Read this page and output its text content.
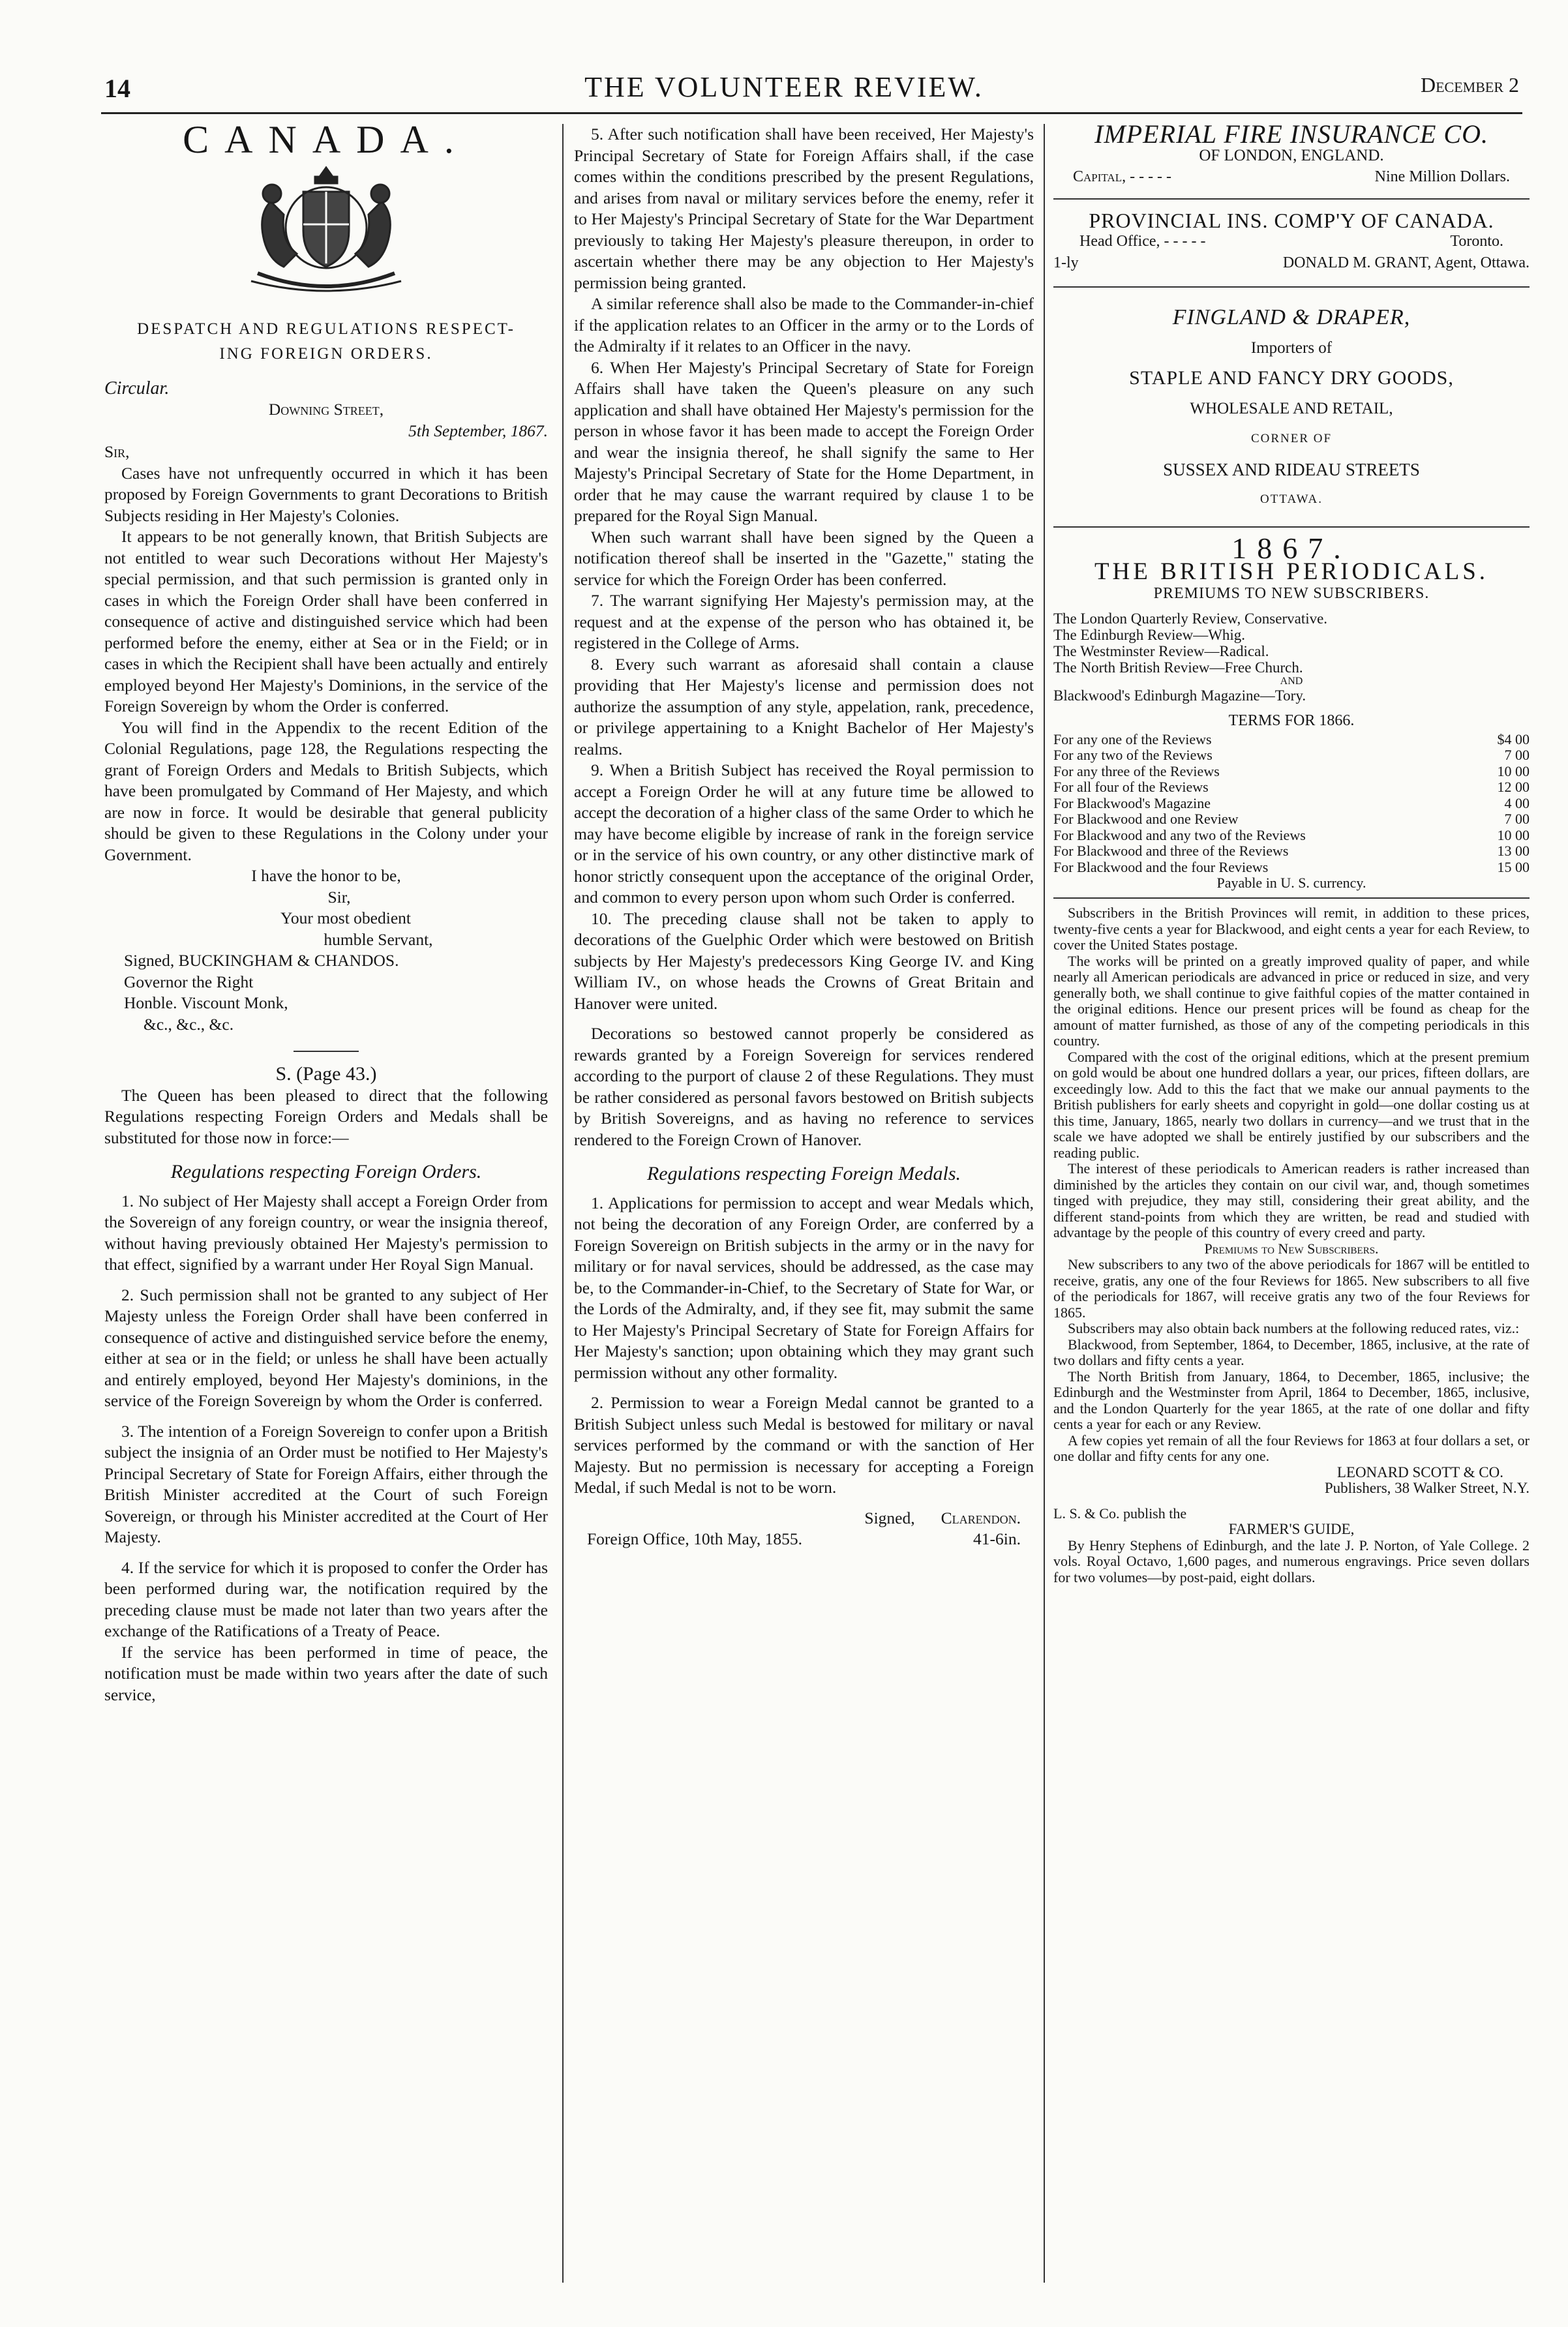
14	THE VOLUNTEER REVIEW.	December 2
CANADA.
DESPATCH AND REGULATIONS RESPECT-
ING FOREIGN ORDERS.
Circular.
Downing Street,
5th September, 1867.
Sir,

Cases have not unfrequently occurred in which it has been proposed by Foreign Governments to grant Decorations to British Subjects residing in Her Majesty's Colonies.

It appears to be not generally known, that British Subjects are not entitled to wear such Decorations without Her Majesty's special permission, and that such permission is granted only in cases in which the Foreign Order shall have been conferred in consequence of active and distinguished service which had been performed before the enemy, either at Sea or in the Field; or in cases in which the Recipient shall have been actually and entirely employed beyond Her Majesty's Dominions, in the service of the Foreign Sovereign by whom the Order is conferred.

You will find in the Appendix to the recent Edition of the Colonial Regulations, page 128, the Regulations respecting the grant of Foreign Orders and Medals to British Subjects, which have been promulgated by Command of Her Majesty, and which are now in force. It would be desirable that general publicity should be given to these Regulations in the Colony under your Government.

I have the honor to be,
Sir,
Your most obedient
humble Servant,
Signed, BUCKINGHAM & CHANDOS.
Governor the Right
Honble. Viscount Monk,
&c., &c., &c.
S. (Page 43.)

The Queen has been pleased to direct that the following Regulations respecting Foreign Orders and Medals shall be substituted for those now in force:—

Regulations respecting Foreign Orders.

1. No subject of Her Majesty shall accept a Foreign Order from the Sovereign of any foreign country, or wear the insignia thereof, without having previously obtained Her Majesty's permission to that effect, signified by a warrant under Her Royal Sign Manual.

2. Such permission shall not be granted to any subject of Her Majesty unless the Foreign Order shall have been conferred in consequence of active and distinguished service before the enemy, either at sea or in the field; or unless he shall have been actually and entirely employed, beyond Her Majesty's dominions, in the service of the Foreign Sovereign by whom the Order is conferred.

3. The intention of a Foreign Sovereign to confer upon a British subject the insignia of an Order must be notified to Her Majesty's Principal Secretary of State for Foreign Affairs, either through the British Minister accredited at the Court of such Foreign Sovereign, or through his Minister accredited at the Court of Her Majesty.

4. If the service for which it is proposed to confer the Order has been performed during war, the notification required by the preceding clause must be made not later than two years after the exchange of the Ratifications of a Treaty of Peace.

If the service has been performed in time of peace, the notification must be made within two years after the date of such service,

5. After such notification shall have been received, Her Majesty's Principal Secretary of State for Foreign Affairs shall, if the case comes within the conditions prescribed by the present Regulations, and arises from naval or military services before the enemy, refer it to Her Majesty's Principal Secretary of State for the War Department previously to taking Her Majesty's pleasure thereupon, in order to ascertain whether there may be any objection to Her Majesty's permission being granted.

A similar reference shall also be made to the Commander-in-chief if the application relates to an Officer in the army or to the Lords of the Admiralty if it relates to an Officer in the navy.

6. When Her Majesty's Principal Secretary of State for Foreign Affairs shall have taken the Queen's pleasure on any such application and shall have obtained Her Majesty's permission for the person in whose favor it has been made to accept the Foreign Order and wear the insignia thereof, he shall signify the same to Her Majesty's Principal Secretary of State for the Home Department, in order that he may cause the warrant required by clause 1 to be prepared for the Royal Sign Manual.

When such warrant shall have been signed by the Queen a notification thereof shall be inserted in the "Gazette," stating the service for which the Foreign Order has been conferred.

7. The warrant signifying Her Majesty's permission may, at the request and at the expense of the person who has obtained it, be registered in the College of Arms.

8. Every such warrant as aforesaid shall contain a clause providing that Her Majesty's license and permission does not authorize the assumption of any style, appelation, rank, precedence, or privilege appertaining to a Knight Bachelor of Her Majesty's realms.

9. When a British Subject has received the Royal permission to accept a Foreign Order he will at any future time be allowed to accept the decoration of a higher class of the same Order to which he may have become eligible by increase of rank in the foreign service or in the service of his own country, or any other distinctive mark of honor strictly consequent upon the acceptance of the original Order, and common to every person upon whom such Order is conferred.

10. The preceding clause shall not be taken to apply to decorations of the Guelphic Order which were bestowed on British subjects by Her Majesty's predecessors King George IV. and King William IV., on whose heads the Crowns of Great Britain and Hanover were united.

Decorations so bestowed cannot properly be considered as rewards granted by a Foreign Sovereign for services rendered according to the purport of clause 2 of these Regulations. They must be rather considered as personal favors bestowed on British subjects by British Sovereigns, and as having no reference to services rendered to the Foreign Crown of Hanover.

Regulations respecting Foreign Medals.

1. Applications for permission to accept and wear Medals which, not being the decoration of any Foreign Order, are conferred by a Foreign Sovereign on British subjects in the army or in the navy for military or for naval services, should be addressed, as the case may be, to the Commander-in-Chief, to the Secretary of State for War, or the Lords of the Admiralty, and, if they see fit, may submit the same to Her Majesty's Principal Secretary of State for Foreign Affairs for Her Majesty's sanction; upon obtaining which they may grant such permission without any other formality.

2. Permission to wear a Foreign Medal cannot be granted to a British Subject unless such Medal is bestowed for military or naval services performed by the command or with the sanction of Her Majesty. But no permission is necessary for accepting a Foreign Medal, if such Medal is not to be worn.

Signed, Clarendon.
Foreign Office, 10th May, 1855.	41-6in.
IMPERIAL FIRE INSURANCE CO.
OF LONDON, ENGLAND.
Capital, - - - - -	Nine Million Dollars.
PROVINCIAL INS. COMP'Y OF CANADA.
Head Office, - - - - -	Toronto.
1-ly	DONALD M. GRANT, Agent, Ottawa.
FINGLAND & DRAPER,
Importers of
STAPLE AND FANCY DRY GOODS,
WHOLESALE AND RETAIL,
CORNER OF
SUSSEX AND RIDEAU STREETS
OTTAWA.
1867.
THE BRITISH PERIODICALS.
PREMIUMS TO NEW SUBSCRIBERS.
The London Quarterly Review, Conservative.
The Edinburgh Review—Whig.
The Westminster Review—Radical.
The North British Review—Free Church.
AND
Blackwood's Edinburgh Magazine—Tory.
TERMS FOR 1866.
For any one of the Reviews	$4 00
For any two of the Reviews	7 00
For any three of the Reviews	10 00
For all four of the Reviews	12 00
For Blackwood's Magazine	4 00
For Blackwood and one Review	7 00
For Blackwood and any two of the Reviews	10 00
For Blackwood and three of the Reviews	13 00
For Blackwood and the four Reviews	15 00
Payable in U. S. currency.

Subscribers in the British Provinces will remit, in addition to these prices, twenty-five cents a year for Blackwood, and eight cents a year for each Review, to cover the United States postage.

The works will be printed on a greatly improved quality of paper, and while nearly all American periodicals are advanced in price or reduced in size, and very generally both, we shall continue to give faithful copies of the matter contained in the original editions. Hence our present prices will be found as cheap for the amount of matter furnished, as those of any of the competing periodicals in this country.

Compared with the cost of the original editions, which at the present premium on gold would be about one hundred dollars a year, our prices, fifteen dollars, are exceedingly low. Add to this the fact that we make our annual payments to the British publishers for early sheets and copyright in gold—one dollar costing us at this time, January, 1865, nearly two dollars in currency—and we trust that in the scale we have adopted we shall be entirely justified by our subscribers and the reading public.

The interest of these periodicals to American readers is rather increased than diminished by the articles they contain on our civil war, and, though sometimes tinged with prejudice, they may still, considering their great ability, and the different stand-points from which they are written, be read and studied with advantage by the people of this country of every creed and party.

Premiums to New Subscribers.

New subscribers to any two of the above periodicals for 1867 will be entitled to receive, gratis, any one of the four Reviews for 1865. New subscribers to all five of the periodicals for 1867, will receive gratis any two of the four Reviews for 1865.

Subscribers may also obtain back numbers at the following reduced rates, viz.:

Blackwood, from September, 1864, to December, 1865, inclusive, at the rate of two dollars and fifty cents a year.

The North British from January, 1864, to December, 1865, inclusive; the Edinburgh and the Westminster from April, 1864 to December, 1865, inclusive, and the London Quarterly for the year 1865, at the rate of one dollar and fifty cents a year for each or any Review.

A few copies yet remain of all the four Reviews for 1863 at four dollars a set, or one dollar and fifty cents for any one.

LEONARD SCOTT & CO.
Publishers, 38 Walker Street, N.Y.
L. S. & Co. publish the
FARMER'S GUIDE,

By Henry Stephens of Edinburgh, and the late J. P. Norton, of Yale College. 2 vols. Royal Octavo, 1,600 pages, and numerous engravings. Price seven dollars for two volumes—by post-paid, eight dollars.
